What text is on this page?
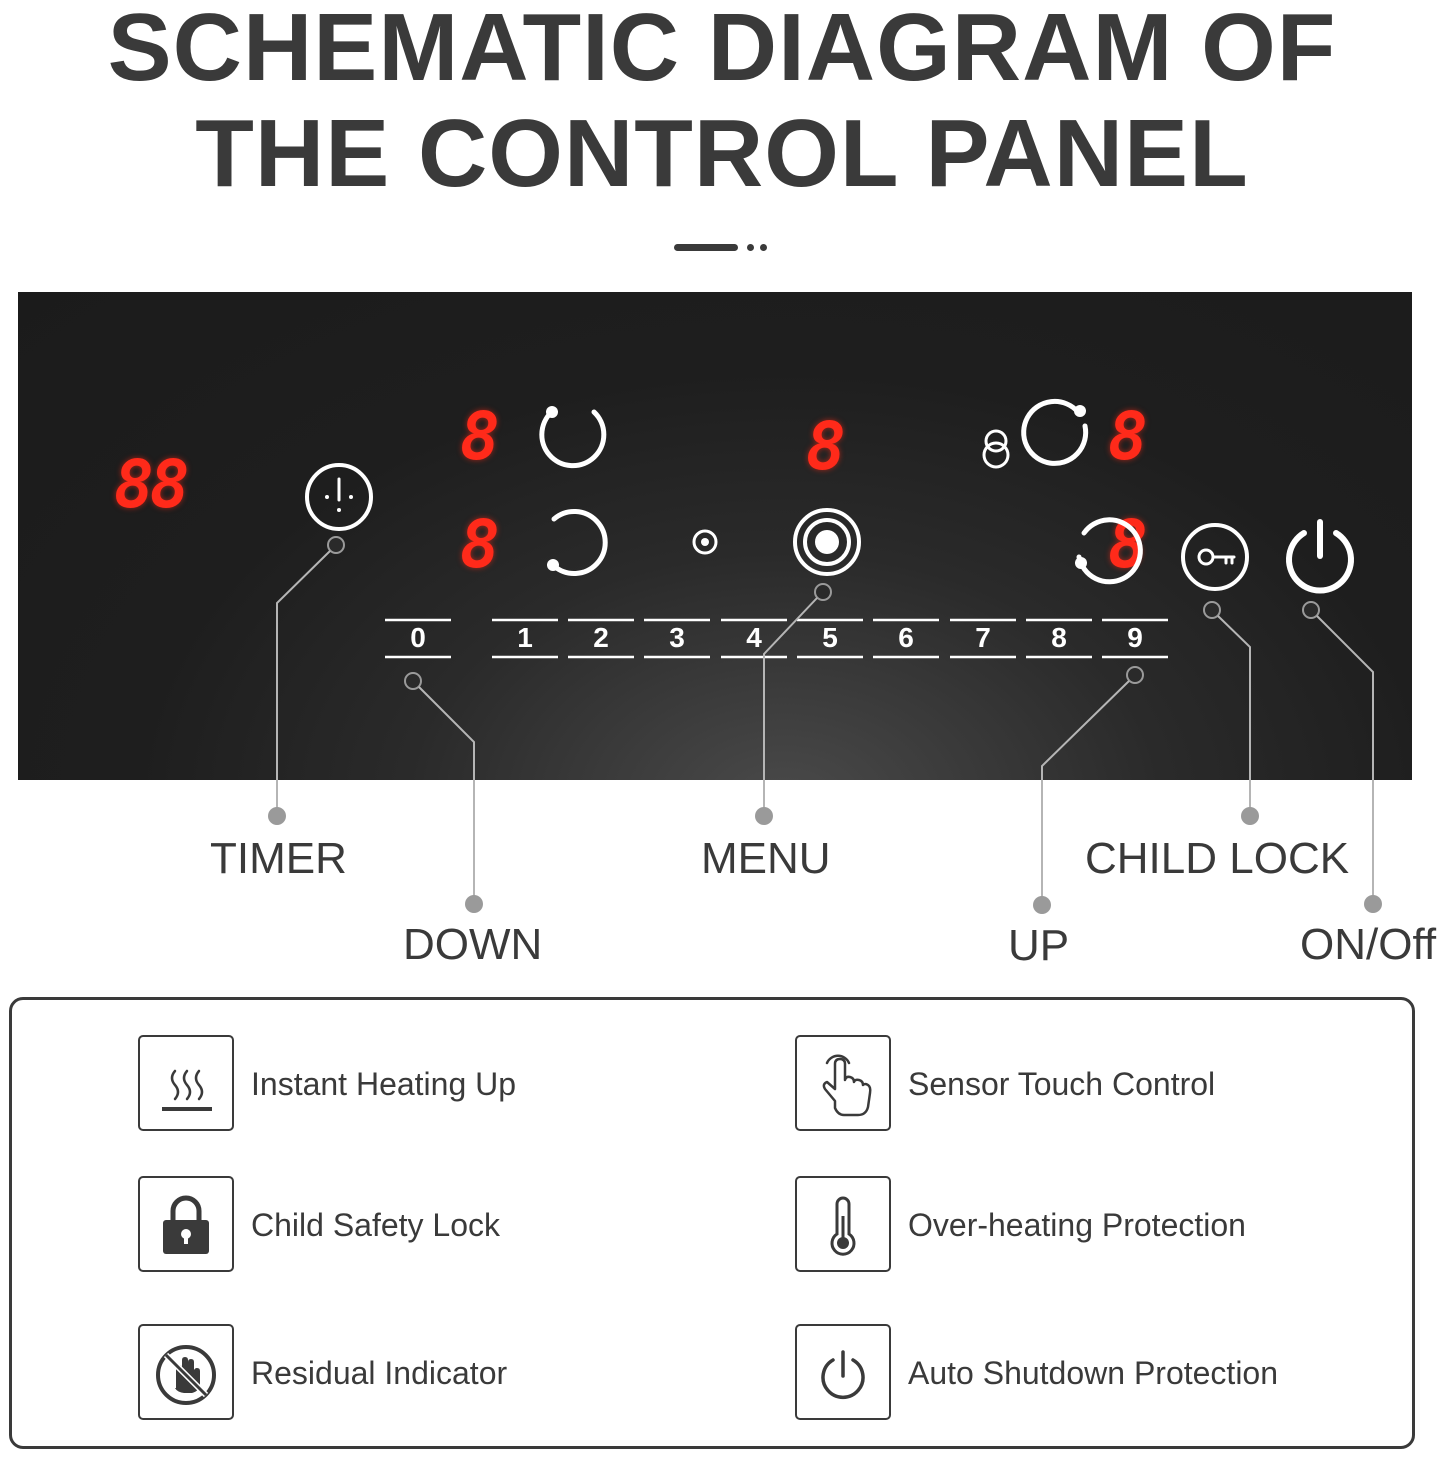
SCHEMATIC DIAGRAM OF
THE CONTROL PANEL
88
8
8
8	8
8
0	1	2	3	4	5	6	7	8	9
TIMER
DOWN
MENU
UP
CHILD LOCK
ON/Off
Instant Heating Up	Sensor Touch Control
Child Safety Lock	Over-heating Protection
Residual Indicator	Auto Shutdown Protection
